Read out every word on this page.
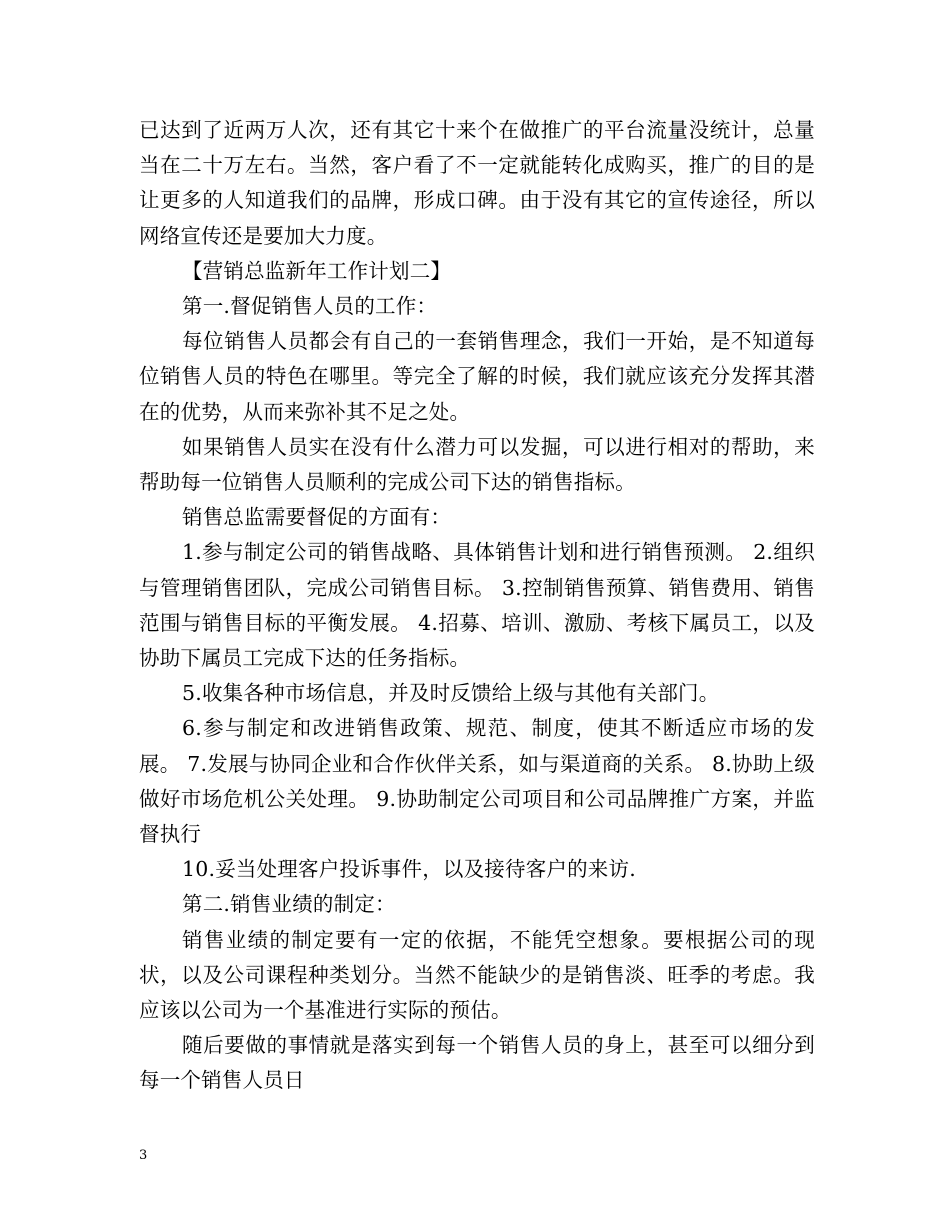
已达到了近两万人次，还有其它十来个在做推广的平台流量没统计，总量当在二十万左右。当然，客户看了不一定就能转化成购买，推广的目的是让更多的人知道我们的品牌，形成口碑。由于没有其它的宣传途径，所以网络宣传还是要加大力度。

【营销总监新年工作计划二】

第一.督促销售人员的工作：

每位销售人员都会有自己的一套销售理念，我们一开始，是不知道每位销售人员的特色在哪里。等完全了解的时候，我们就应该充分发挥其潜在的优势，从而来弥补其不足之处。

如果销售人员实在没有什么潜力可以发掘，可以进行相对的帮助，来帮助每一位销售人员顺利的完成公司下达的销售指标。

销售总监需要督促的方面有：

1.参与制定公司的销售战略、具体销售计划和进行销售预测。 2.组织与管理销售团队，完成公司销售目标。 3.控制销售预算、销售费用、销售范围与销售目标的平衡发展。 4.招募、培训、激励、考核下属员工，以及协助下属员工完成下达的任务指标。

5.收集各种市场信息，并及时反馈给上级与其他有关部门。

6.参与制定和改进销售政策、规范、制度，使其不断适应市场的发展。 7.发展与协同企业和合作伙伴关系，如与渠道商的关系。 8.协助上级做好市场危机公关处理。 9.协助制定公司项目和公司品牌推广方案，并监督执行

10.妥当处理客户投诉事件，以及接待客户的来访.

第二.销售业绩的制定：

销售业绩的制定要有一定的依据，不能凭空想象。要根据公司的现状，以及公司课程种类划分。当然不能缺少的是销售淡、旺季的考虑。我应该以公司为一个基准进行实际的预估。

随后要做的事情就是落实到每一个销售人员的身上，甚至可以细分到每一个销售人员日

3
